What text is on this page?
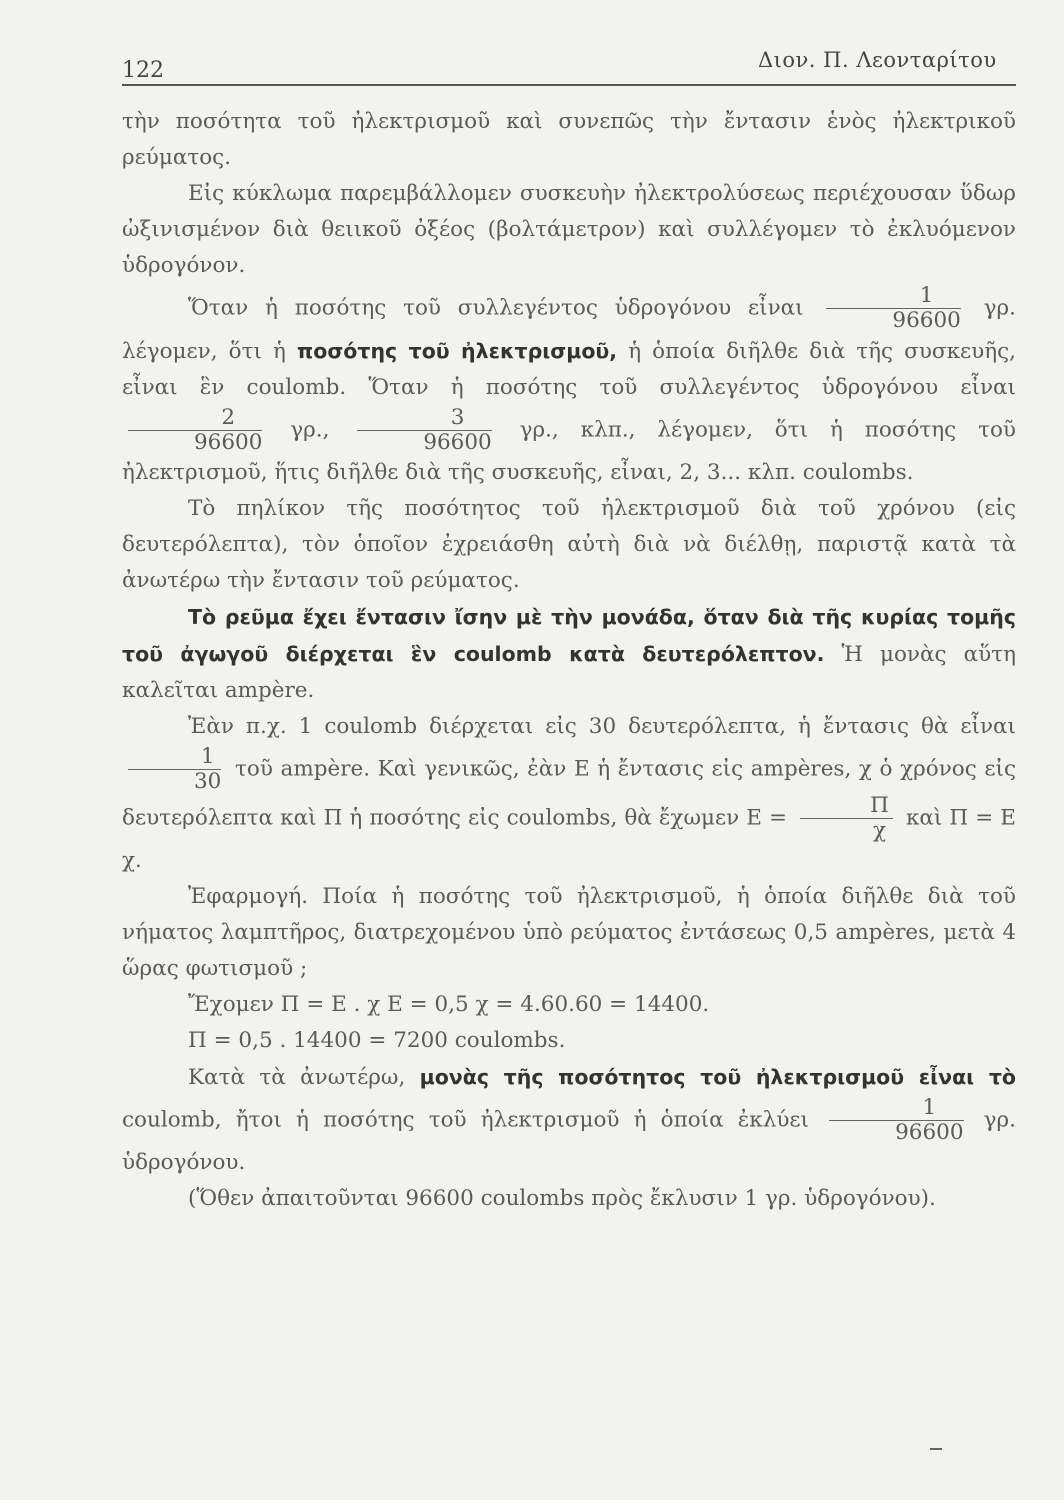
122	Διον. Π. Λεονταρίτου

τὴν ποσότητα τοῦ ἠλεκτρισμοῦ καὶ συνεπῶς τὴν ἔντασιν ἑνὸς ἠλεκτρικοῦ ρεύματος.

Εἰς κύκλωμα παρεμβάλλομεν συσκευὴν ἠλεκτρολύσεως περιέχουσαν ὕδωρ ὠξινισμένον διὰ θειικοῦ ὀξέος (βολτάμετρον) καὶ συλλέγομεν τὸ ἐκλυόμενον ὑδρογόνον.

Ὅταν ἡ ποσότης τοῦ συλλεγέντος ὑδρογόνου εἶναι $\frac{1}{96600} \gamma\rho$. λέγομεν, ὅτι ἡ ποσότης τοῦ ἠλεκτρισμοῦ, ἡ ὁποία διῆλθε διὰ τῆς συσκευῆς, εἶναι ἓν coulomb. Ὅταν ἡ ποσότης τοῦ συλλεγέντος ὑδρογόνου εἶναι
$\frac{2}{96600} \gamma\rho$., $\frac{3}{96600} \gamma\rho$., κλπ., λέγομεν, ὅτι ἡ ποσότης τοῦ ἠλεκτρισμοῦ, ἥτις διῆλθε διὰ τῆς συσκευῆς, εἶναι, 2, 3... κλπ. coulombs.

Τὸ πηλίκον τῆς ποσότητος τοῦ ἠλεκτρισμοῦ διὰ τοῦ χρόνου (εἰς δευτερόλεπτα), τὸν ὁποῖον ἐχρειάσθη αὐτὴ διὰ νὰ διέλθῃ, παριστᾷ κατὰ τὰ ἀνωτέρω τὴν ἔντασιν τοῦ ρεύματος.

Τὸ ρεῦμα ἔχει ἔντασιν ἴσην μὲ τὴν μονάδα, ὅταν διὰ τῆς κυρίας τομῆς τοῦ ἀγωγοῦ διέρχεται ἓν coulomb κατὰ δευτερόλεπτον. Ἡ μονὰς αὕτη καλεῖται ampère.

Ἐὰν π.χ. 1 coulomb διέρχεται εἰς 30 δευτερόλεπτα, ἡ ἔντασις θὰ εἶναι
$\frac{1}{30}$ τοῦ ampère. Καὶ γενικῶς, ἐὰν Ε ἡ ἔντασις εἰς ampères, χ ὁ χρόνος εἰς δευτερόλεπτα καὶ Π ἡ ποσότης εἰς coulombs, θὰ ἔχωμεν $E = \frac{\Pi}{\chi}$ καὶ Π = Ε χ.

Ἐφαρμογή. Ποία ἡ ποσότης τοῦ ἠλεκτρισμοῦ, ἡ ὁποία διῆλθε διὰ τοῦ νήματος λαμπτῆρος, διατρεχομένου ὑπὸ ρεύματος ἐντάσεως 0,5 ampères, μετὰ 4 ὥρας φωτισμοῦ ;

Ἔχομεν Π = Ε . χ Ε = 0,5 χ = 4.60.60 = 14400.

Π = 0,5 . 14400 = 7200 coulombs.

Κατὰ τὰ ἀνωτέρω, μονὰς τῆς ποσότητος τοῦ ἠλεκτρισμοῦ εἶναι τὸ coulomb, ἤτοι ἡ ποσότης τοῦ ἠλεκτρισμοῦ ἡ ὁποία ἐκλύει $\frac{1}{96600} \gamma\rho$. ὑδρογόνου.

(Ὅθεν ἀπαιτοῦνται 96600 coulombs πρὸς ἔκλυσιν 1 γρ. ὑδρογόνου).
